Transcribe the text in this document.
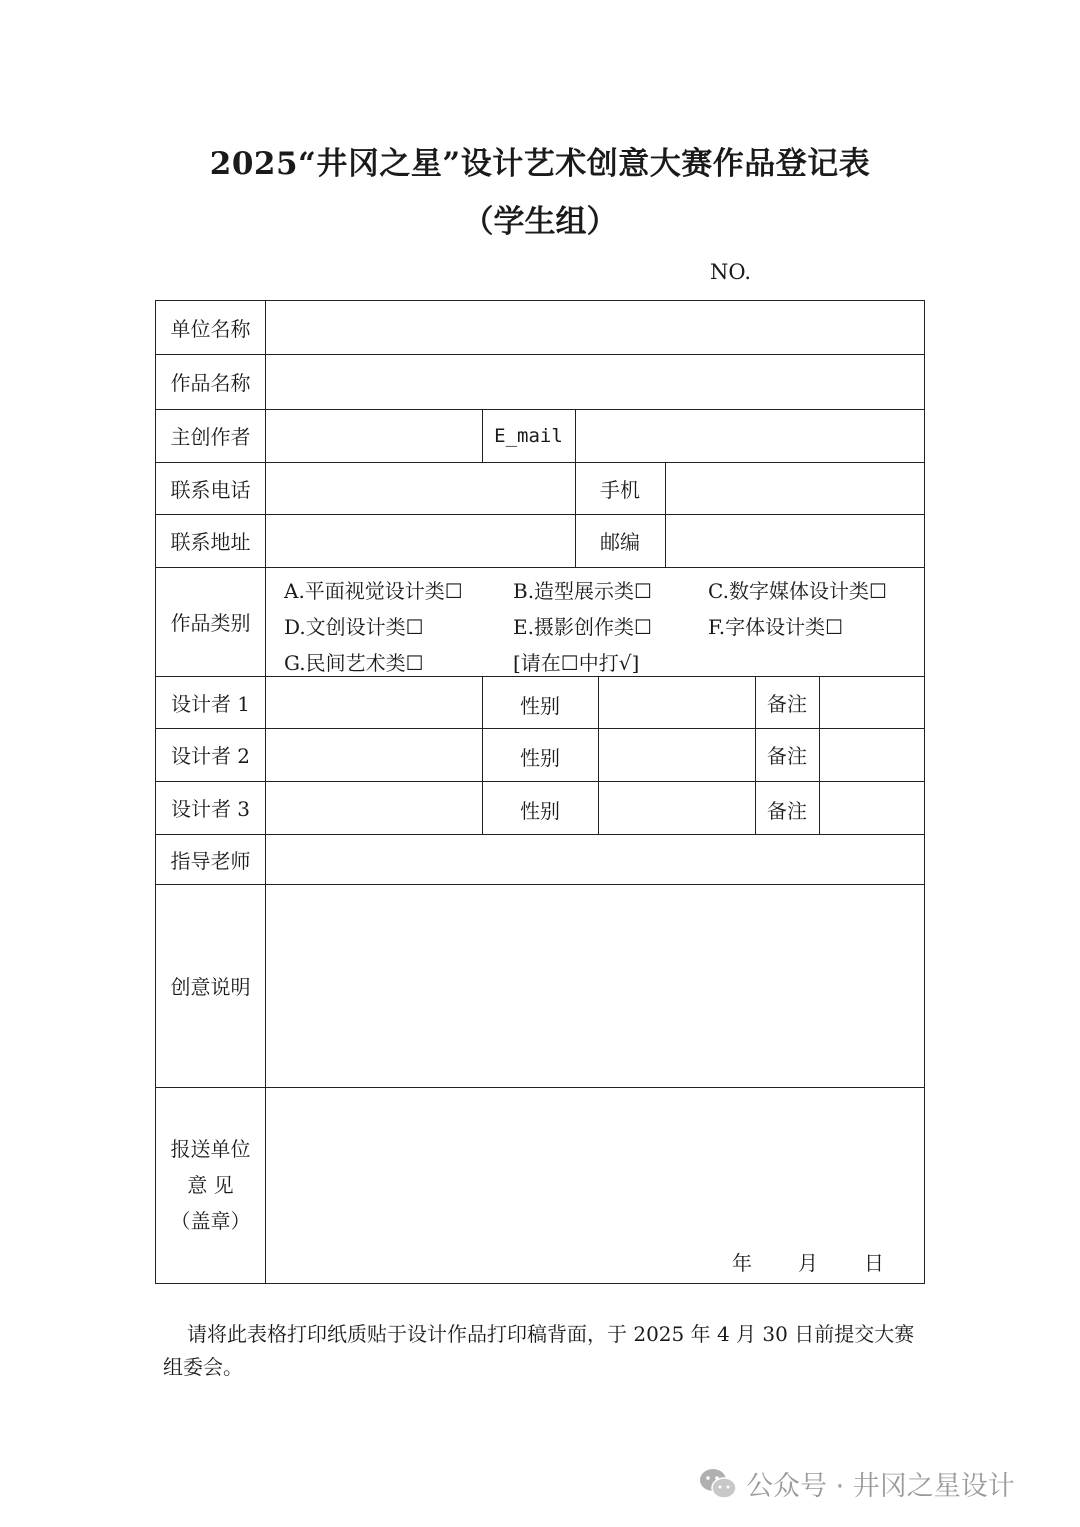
2025“井冈之星”设计艺术创意大赛作品登记表
（学生组）
NO.
单位名称
作品名称
主创作者	E_mail
联系电话	手机
联系地址	邮编
作品类别
A.平面视觉设计类☐	B.造型展示类☐	C.数字媒体设计类☐
D.文创设计类☐	E.摄影创作类☐	F.字体设计类☐
G.民间艺术类☐	[请在☐中打√]
设计者 1	性别	备注
设计者 2	性别	备注
设计者 3	性别	备注
指导老师
创意说明
报送单位
意 见
（盖章）
年 月 日
请将此表格打印纸质贴于设计作品打印稿背面，于 2025 年 4 月 30 日前提交大赛组委会。
公众号 · 井冈之星设计
